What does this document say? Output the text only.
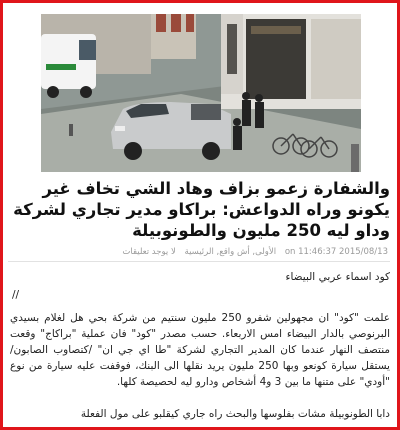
والشفارة زعمو بزاف وهاد الشي تخاف غير يكونو وراه الدواعش: براكاو مدير تجاري لشركة وداو ليه 250 مليون والطونوبيلة
2015/08/13 11:46:37 on الأولى, أش واقع, الرئيسية لا يوجد تعليقات
كود اسماء عربي البيضاء
//
علمت "كود" ان مجهولين شفرو 250 مليون سنتيم من شركة بحي هل لغلام بسيدي البرنوصي بالدار البيضاء امس الاربعاء. حسب مصدر "كود" فان عملية "براكاج" وقعت منتصف النهار عندما كان المدير التجاري لشركة "طا اي جي ان" /كتصاوب الصابون/ يستقل سيارة كونعو وبها 250 مليون يريد نقلها الى البنك، فوقفت عليه سيارة من نوع "أودي" على متنها ما بين 3 و4 أشخاص ودارو ليه لحصيصة كلها.
دابا الطونوبيلة مشات بفلوسها والبحث راه جاري كيقلبو على مول الفعلة
